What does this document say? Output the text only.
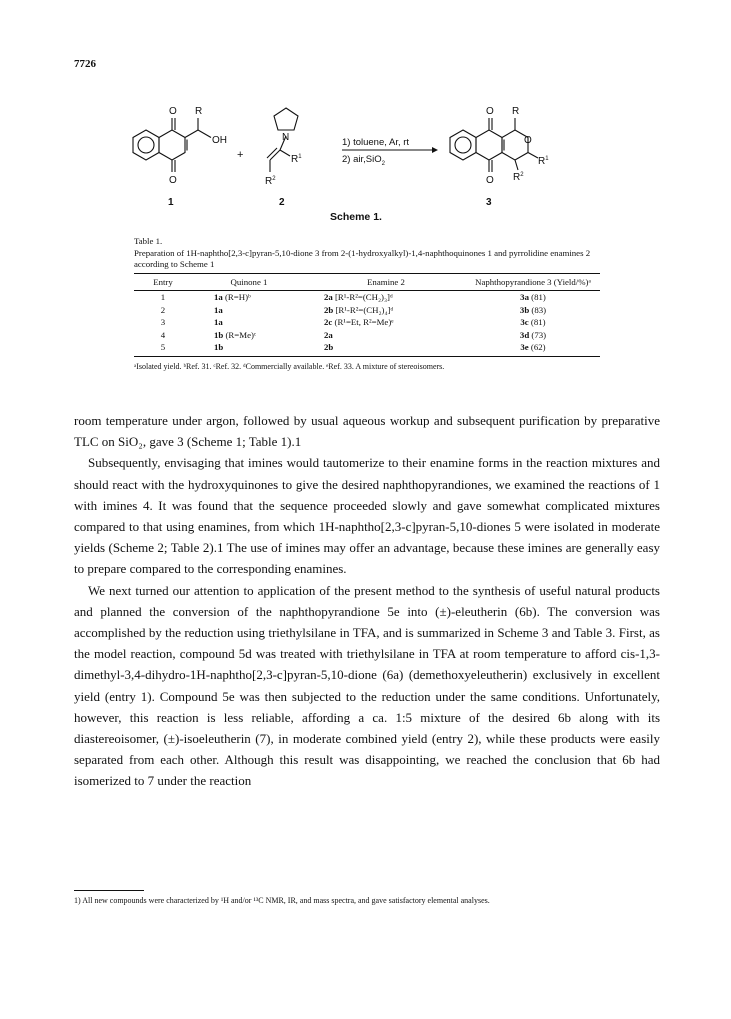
7726
O R
OH
O
1
+
N
$R^1$
$R^2$
2
1) toluene, Ar, rt
2) air,SiO$_2$
O R
O
$R^1$
O $R^2$
3
Scheme 1.

Table 1.

Preparation of 1H-naphtho[2,3-c]pyran-5,10-dione 3 from 2-(1-hydroxyalkyl)-1,4-naphthoquinones 1 and pyrrolidine enamines 2 according to Scheme 1

Entry	Quinone 1	Enamine 2	Naphthopyrandione 3 (Yield/%)ᵃ
1	1a (R=H)ᵇ	2a [R¹-R²=(CH₂)₃]ᵈ	3a (81)
2	1a	2b [R¹-R²=(CH₂)₄]ᵈ	3b (83)
3	1a	2c (R¹=Et, R²=Me)ᵉ	3c (81)
4	1b (R=Me)ᶜ	2a	3d (73)
5	1b	2b	3e (62)
ᵃIsolated yield. ᵇRef. 31. ᶜRef. 32. ᵈCommercially available. ᵉRef. 33. A mixture of stereoisomers.

room temperature under argon, followed by usual aqueous workup and subsequent purification by preparative TLC on SiO₂, gave 3 (Scheme 1; Table 1).1

Subsequently, envisaging that imines would tautomerize to their enamine forms in the reaction mixtures and should react with the hydroxyquinones to give the desired naphthopyrandiones, we examined the reactions of 1 with imines 4. It was found that the sequence proceeded slowly and gave somewhat complicated mixtures compared to that using enamines, from which 1H-naphtho[2,3-c]pyran-5,10-diones 5 were isolated in moderate yields (Scheme 2; Table 2).1 The use of imines may offer an advantage, because these imines are generally easy to prepare compared to the corresponding enamines.

We next turned our attention to application of the present method to the synthesis of useful natural products and planned the conversion of the naphthopyrandione 5e into (±)-eleutherin (6b). The conversion was accomplished by the reduction using triethylsilane in TFA, and is summarized in Scheme 3 and Table 3. First, as the model reaction, compound 5d was treated with triethylsilane in TFA at room temperature to afford cis-1,3-dimethyl-3,4-dihydro-1H-naphtho[2,3-c]pyran-5,10-dione (6a) (demethoxyeleutherin) exclusively in excellent yield (entry 1). Compound 5e was then subjected to the reduction under the same conditions. Unfortunately, however, this reaction is less reliable, affording a ca. 1:5 mixture of the desired 6b along with its diastereoisomer, (±)-isoeleutherin (7), in moderate combined yield (entry 2), while these products were easily separated from each other. Although this result was disappointing, we reached the conclusion that 6b had isomerized to 7 under the reaction

1) All new compounds were characterized by ¹H and/or ¹³C NMR, IR, and mass spectra, and gave satisfactory elemental analyses.
